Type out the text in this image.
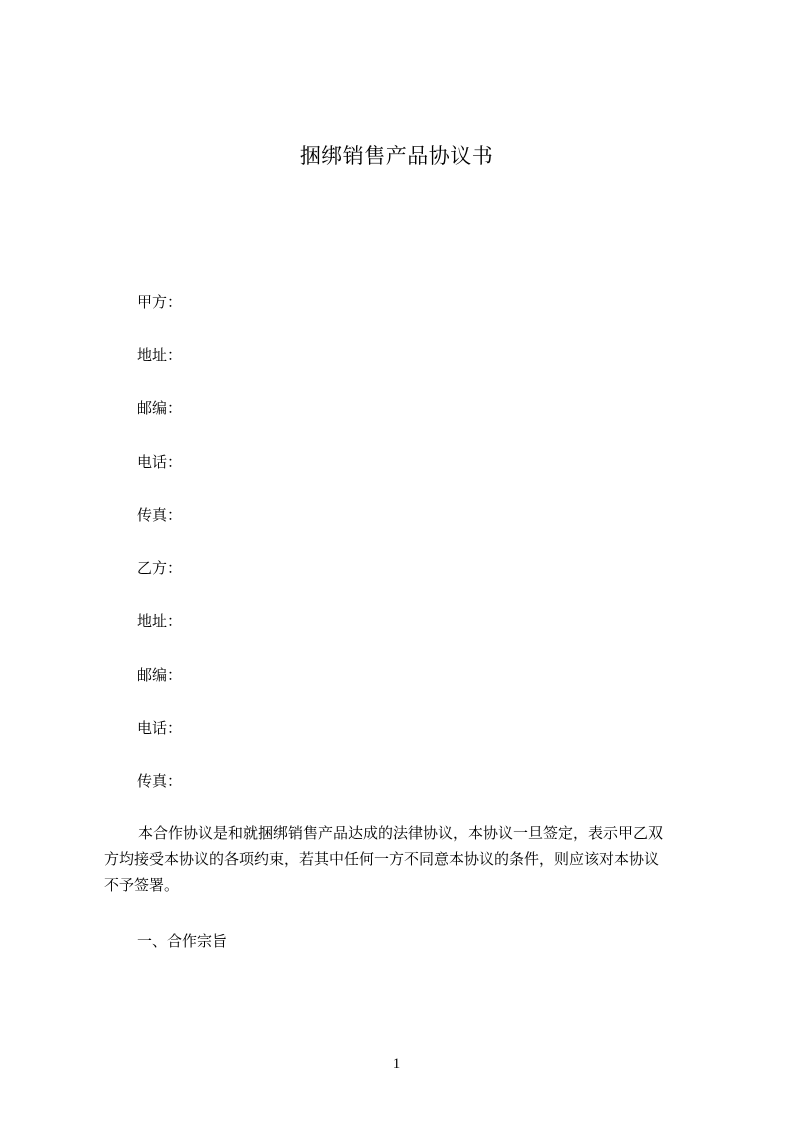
捆绑销售产品协议书
甲方：
地址：
邮编：
电话：
传真：
乙方：
地址：
邮编：
电话：
传真：

本合作协议是和就捆绑销售产品达成的法律协议，本协议一旦签定，表示甲乙双
方均接受本协议的各项约束，若其中任何一方不同意本协议的条件，则应该对本协议
不予签署。

一、合作宗旨
1
